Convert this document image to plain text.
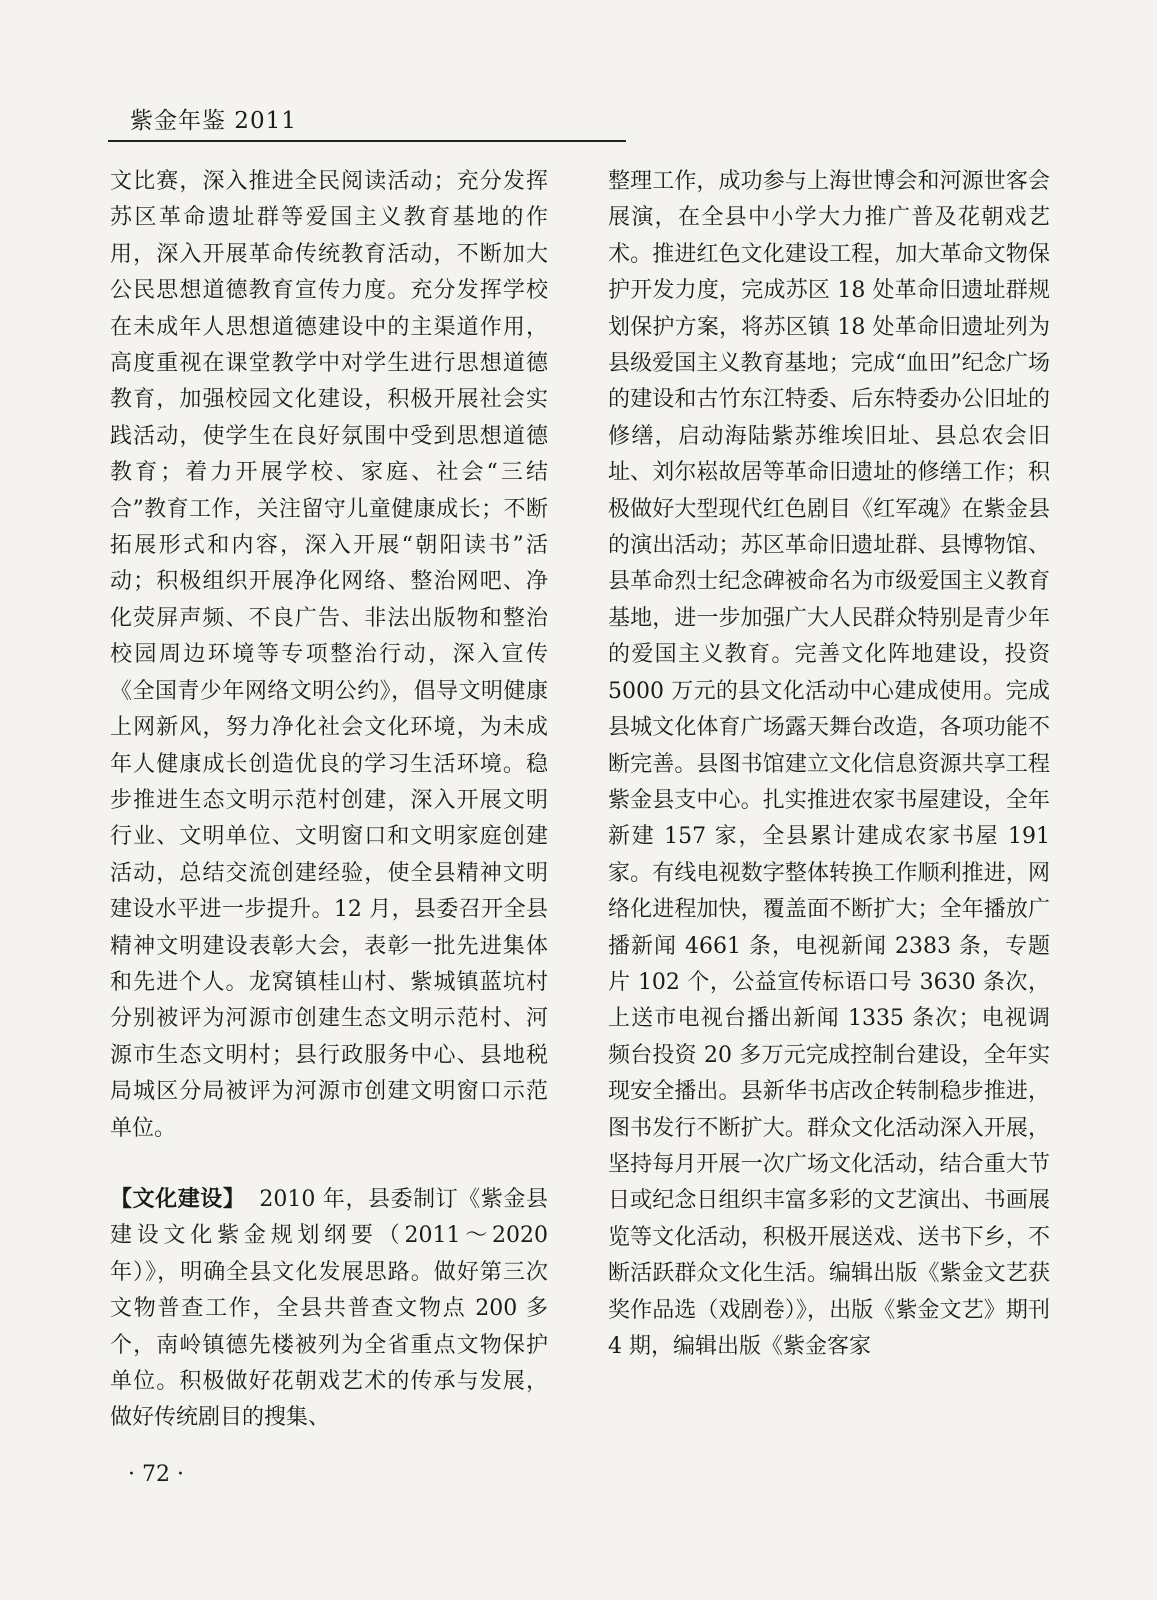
紫金年鉴 2011

文比赛，深入推进全民阅读活动；充分发挥苏区革命遗址群等爱国主义教育基地的作用，深入开展革命传统教育活动，不断加大公民思想道德教育宣传力度。充分发挥学校在未成年人思想道德建设中的主渠道作用，高度重视在课堂教学中对学生进行思想道德教育，加强校园文化建设，积极开展社会实践活动，使学生在良好氛围中受到思想道德教育；着力开展学校、家庭、社会“三结合”教育工作，关注留守儿童健康成长；不断拓展形式和内容，深入开展“朝阳读书”活动；积极组织开展净化网络、整治网吧、净化荧屏声频、不良广告、非法出版物和整治校园周边环境等专项整治行动，深入宣传《全国青少年网络文明公约》，倡导文明健康上网新风，努力净化社会文化环境，为未成年人健康成长创造优良的学习生活环境。稳步推进生态文明示范村创建，深入开展文明行业、文明单位、文明窗口和文明家庭创建活动，总结交流创建经验，使全县精神文明建设水平进一步提升。12 月，县委召开全县精神文明建设表彰大会，表彰一批先进集体和先进个人。龙窝镇桂山村、紫城镇蓝坑村分别被评为河源市创建生态文明示范村、河源市生态文明村；县行政服务中心、县地税局城区分局被评为河源市创建文明窗口示范单位。

【文化建设】 2010 年，县委制订《紫金县建设文化紫金规划纲要（2011～2020 年）》，明确全县文化发展思路。做好第三次文物普查工作，全县共普查文物点 200 多个，南岭镇德先楼被列为全省重点文物保护单位。积极做好花朝戏艺术的传承与发展，做好传统剧目的搜集、

整理工作，成功参与上海世博会和河源世客会展演，在全县中小学大力推广普及花朝戏艺术。推进红色文化建设工程，加大革命文物保护开发力度，完成苏区 18 处革命旧遗址群规划保护方案，将苏区镇 18 处革命旧遗址列为县级爱国主义教育基地；完成“血田”纪念广场的建设和古竹东江特委、后东特委办公旧址的修缮，启动海陆紫苏维埃旧址、县总农会旧址、刘尔崧故居等革命旧遗址的修缮工作；积极做好大型现代红色剧目《红军魂》在紫金县的演出活动；苏区革命旧遗址群、县博物馆、县革命烈士纪念碑被命名为市级爱国主义教育基地，进一步加强广大人民群众特别是青少年的爱国主义教育。完善文化阵地建设，投资 5000 万元的县文化活动中心建成使用。完成县城文化体育广场露天舞台改造，各项功能不断完善。县图书馆建立文化信息资源共享工程紫金县支中心。扎实推进农家书屋建设，全年新建 157 家，全县累计建成农家书屋 191 家。有线电视数字整体转换工作顺利推进，网络化进程加快，覆盖面不断扩大；全年播放广播新闻 4661 条，电视新闻 2383 条，专题片 102 个，公益宣传标语口号 3630 条次，上送市电视台播出新闻 1335 条次；电视调频台投资 20 多万元完成控制台建设，全年实现安全播出。县新华书店改企转制稳步推进，图书发行不断扩大。群众文化活动深入开展，坚持每月开展一次广场文化活动，结合重大节日或纪念日组织丰富多彩的文艺演出、书画展览等文化活动，积极开展送戏、送书下乡，不断活跃群众文化生活。编辑出版《紫金文艺获奖作品选（戏剧卷）》，出版《紫金文艺》期刊 4 期，编辑出版《紫金客家

· 72 ·
